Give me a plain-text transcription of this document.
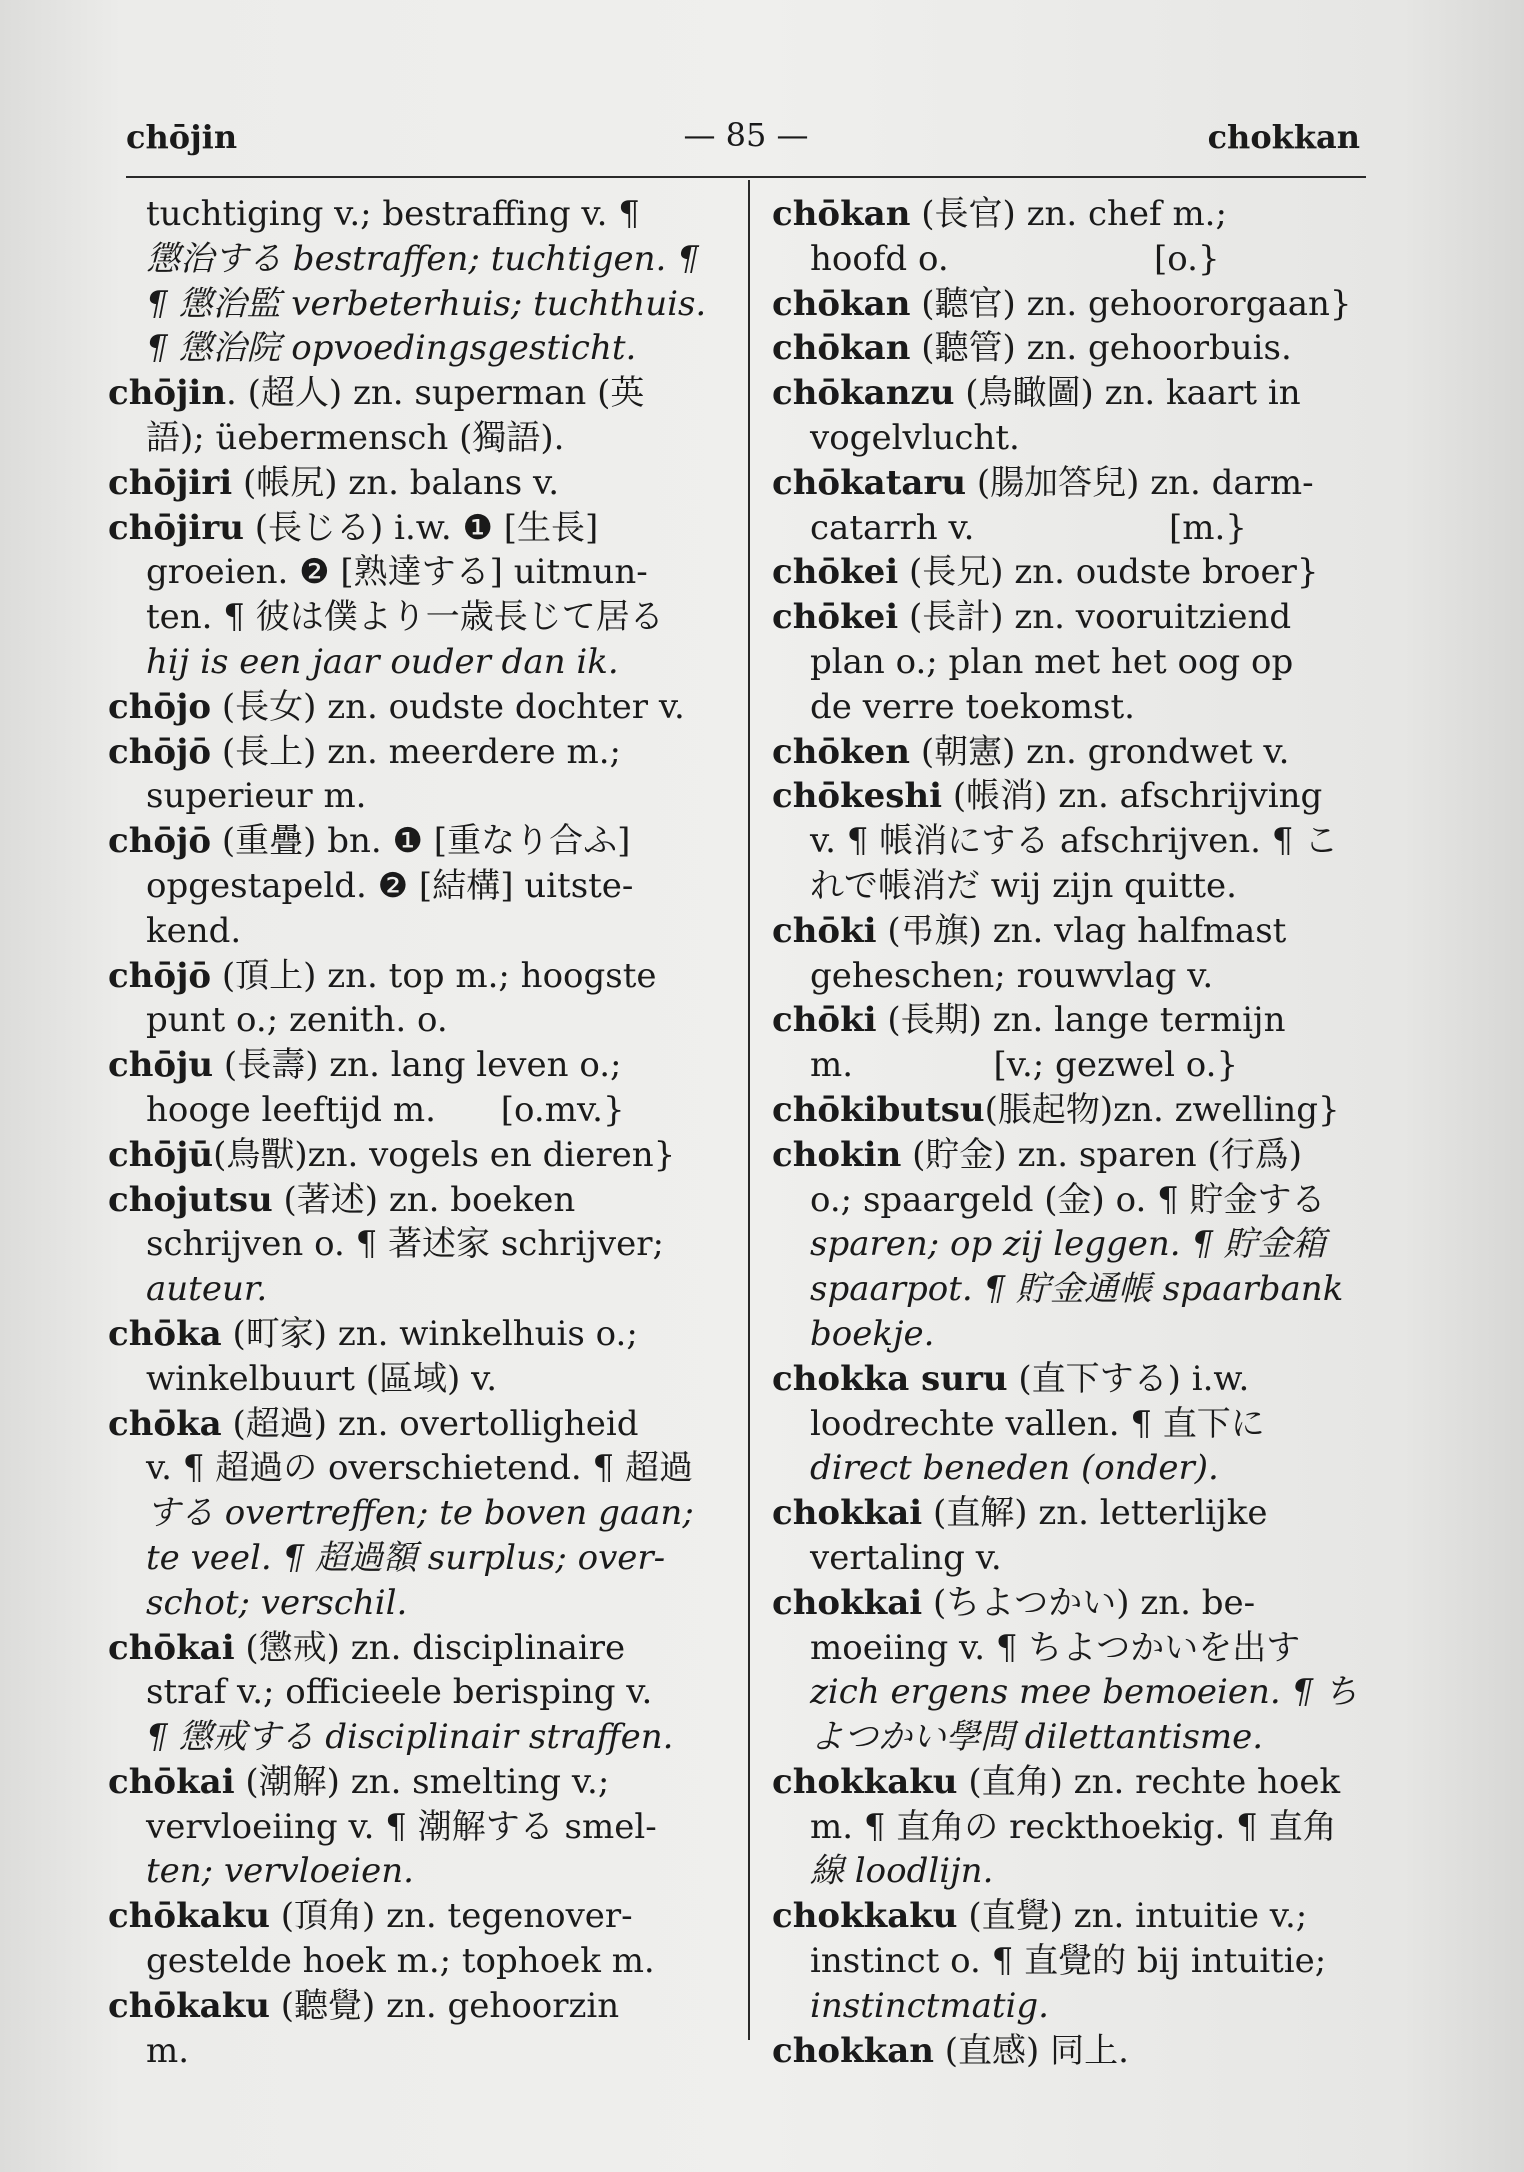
chōjin	— 85 —	chokkan
tuchtiging v.; bestraffing v. ¶
懲治する bestraffen; tuchtigen. ¶
¶ 懲治監 verbeterhuis; tuchthuis.
¶ 懲治院 opvoedingsgesticht.
chōjin. (超人) zn. superman (英
語); üebermensch (獨語).
chōjiri (帳尻) zn. balans v.
chōjiru (長じる) i.w. ❶ [生長]
groeien. ❷ [熟達する] uitmun-
ten. ¶ 彼は僕より一歳長じて居る
hij is een jaar ouder dan ik.
chōjo (長女) zn. oudste dochter v.
chōjō (長上) zn. meerdere m.;
superieur m.
chōjō (重疊) bn. ❶ [重なり合ふ]
opgestapeld. ❷ [結構] uitste-
kend.
chōjō (頂上) zn. top m.; hoogste
punt o.; zenith. o.
chōju (長壽) zn. lang leven o.;
hooge leeftijd m.      [o.mv.}
chōjū(鳥獸)zn. vogels en dieren}
chojutsu (著述) zn. boeken
schrijven o. ¶ 著述家 schrijver;
auteur.
chōka (町家) zn. winkelhuis o.;
winkelbuurt (區域) v.
chōka (超過) zn. overtolligheid
v. ¶ 超過の overschietend. ¶ 超過
する overtreffen; te boven gaan;
te veel. ¶ 超過額 surplus; over-
schot; verschil.
chōkai (懲戒) zn. disciplinaire
straf v.; officieele berisping v.
¶ 懲戒する disciplinair straffen.
chōkai (潮解) zn. smelting v.;
vervloeiing v. ¶ 潮解する smel-
ten; vervloeien.
chōkaku (頂角) zn. tegenover-
gestelde hoek m.; tophoek m.
chōkaku (聽覺) zn. gehoorzin
m.
chōkan (長官) zn. chef m.;
hoofd o.                   [o.}
chōkan (聽官) zn. gehoororgaan}
chōkan (聽管) zn. gehoorbuis.
chōkanzu (鳥瞰圖) zn. kaart in
vogelvlucht.
chōkataru (腸加答兒) zn. darm-
catarrh v.                  [m.}
chōkei (長兄) zn. oudste broer}
chōkei (長計) zn. vooruitziend
plan o.; plan met het oog op
de verre toekomst.
chōken (朝憲) zn. grondwet v.
chōkeshi (帳消) zn. afschrijving
v. ¶ 帳消にする afschrijven. ¶ こ
れで帳消だ wij zijn quitte.
chōki (弔旗) zn. vlag halfmast
geheschen; rouwvlag v.
chōki (長期) zn. lange termijn
m.             [v.; gezwel o.}
chōkibutsu(脹起物)zn. zwelling}
chokin (貯金) zn. sparen (行爲)
o.; spaargeld (金) o. ¶ 貯金する
sparen; op zij leggen. ¶ 貯金箱
spaarpot. ¶ 貯金通帳 spaarbank
boekje.
chokka suru (直下する) i.w.
loodrechte vallen. ¶ 直下に
direct beneden (onder).
chokkai (直解) zn. letterlijke
vertaling v.
chokkai (ちよつかい) zn. be-
moeiing v. ¶ ちよつかいを出す
zich ergens mee bemoeien. ¶ ち
よつかい學問 dilettantisme.
chokkaku (直角) zn. rechte hoek
m. ¶ 直角の reckthoekig. ¶ 直角
線 loodlijn.
chokkaku (直覺) zn. intuitie v.;
instinct o. ¶ 直覺的 bij intuitie;
instinctmatig.
chokkan (直感) 同上.
